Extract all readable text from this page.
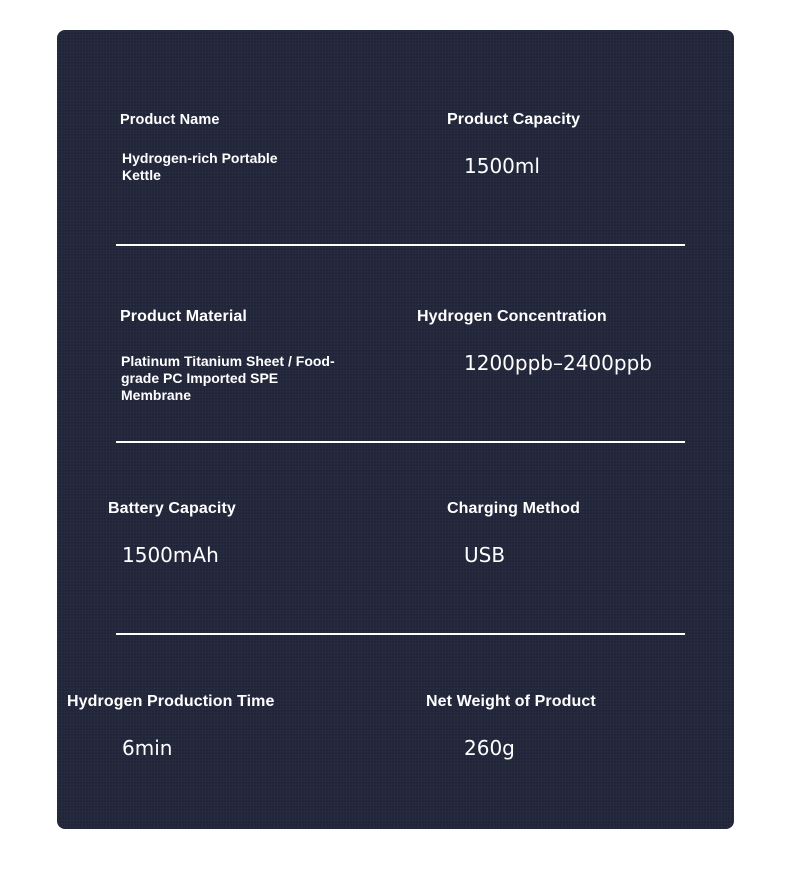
Product Name
Hydrogen-rich Portable Kettle
Product Capacity
1500ml
Product Material
Platinum Titanium Sheet / Food-grade PC Imported SPE Membrane
Hydrogen Concentration
1200ppb–2400ppb
Battery Capacity
1500mAh
Charging Method
USB
Hydrogen Production Time
6min
Net Weight of Product
260g
